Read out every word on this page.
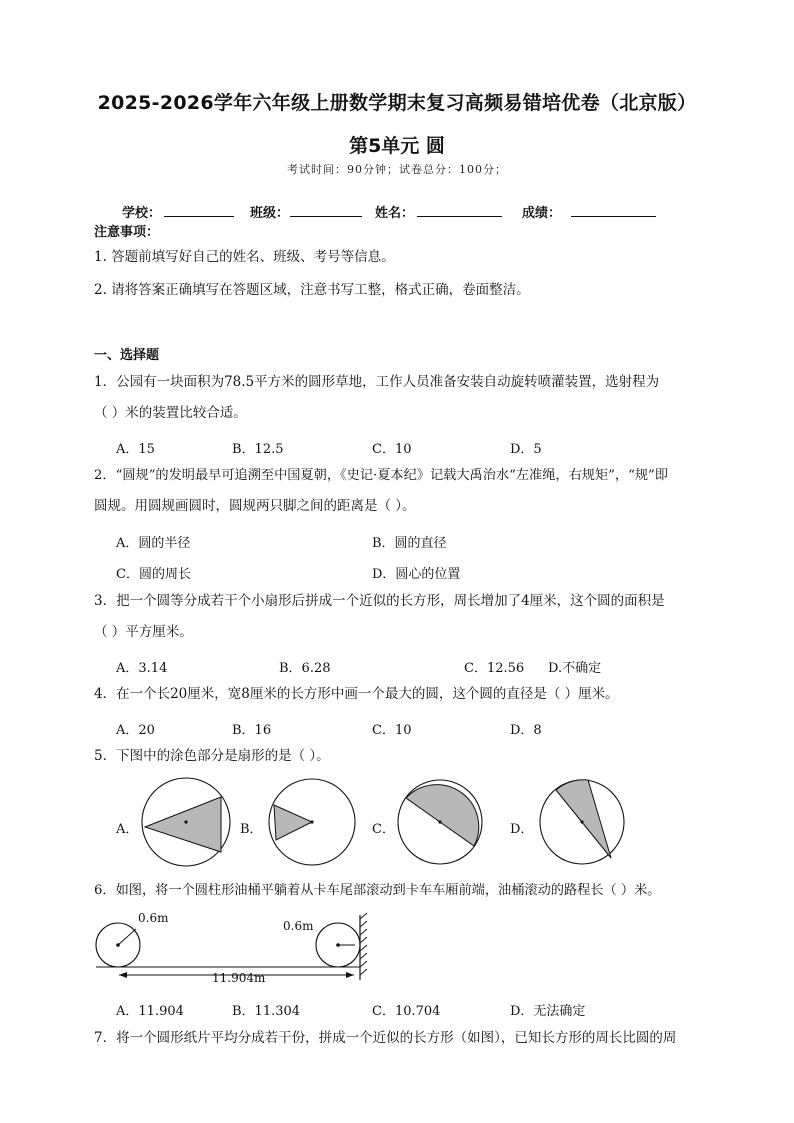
2025-2026学年六年级上册数学期末复习高频易错培优卷（北京版）
第5单元 圆
考试时间：90分钟；试卷总分：100分；
学校：	班级：	姓名：	成绩：
注意事项：
1. 答题前填写好自己的姓名、班级、考号等信息。
2. 请将答案正确填写在答题区域，注意书写工整，格式正确，卷面整洁。
一、选择题
1．公园有一块面积为78.5平方米的圆形草地，工作人员准备安装自动旋转喷灌装置，选射程为
（ ）米的装置比较合适。
A．15	B．12.5	C．10	D．5
2．“圆规”的发明最早可追溯至中国夏朝，《史记·夏本纪》记载大禹治水“左准绳，右规矩”，“规”即
圆规。用圆规画圆时，圆规两只脚之间的距离是（ ）。
A．圆的半径	B．圆的直径
C．圆的周长	D．圆心的位置
3．把一个圆等分成若干个小扇形后拼成一个近似的长方形，周长增加了4厘米，这个圆的面积是
（ ）平方厘米。
A．3.14	B．6.28	C．12.56 D.不确定
4．在一个长20厘米，宽8厘米的长方形中画一个最大的圆，这个圆的直径是（ ）厘米。
A．20	B．16	C．10	D．8
5．下图中的涂色部分是扇形的是（ ）。
A．	B．	C．	D．
6．如图，将一个圆柱形油桶平躺着从卡车尾部滚动到卡车车厢前端，油桶滚动的路程长（ ）米。
0.6m
0.6m
11.904m
A．11.904	B．11.304	C．10.704	D．无法确定
7．将一个圆形纸片平均分成若干份，拼成一个近似的长方形（如图），已知长方形的周长比圆的周
